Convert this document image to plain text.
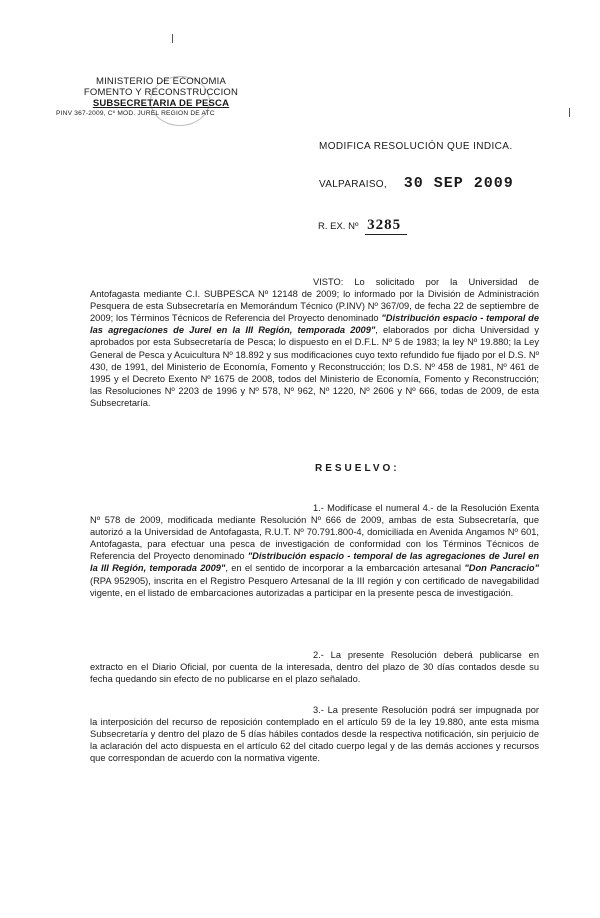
MINISTERIO DE ECONOMIA
FOMENTO Y RECONSTRUCCION
SUBSECRETARIA DE PESCA
PINV 367-2009, Cº MOD. JUREL REGION DE ATC
MODIFICA RESOLUCIÓN QUE INDICA.
VALPARAISO, 30 SEP 2009
R. EX. Nº 3285
VISTO: Lo solicitado por la Universidad de Antofagasta mediante C.I. SUBPESCA Nº 12148 de 2009; lo informado por la División de Administración Pesquera de esta Subsecretaría en Memorándum Técnico (P.INV) Nº 367/09, de fecha 22 de septiembre de 2009; los Términos Técnicos de Referencia del Proyecto denominado "Distribución espacio - temporal de las agregaciones de Jurel en la III Región, temporada 2009", elaborados por dicha Universidad y aprobados por esta Subsecretaría de Pesca; lo dispuesto en el D.F.L. Nº 5 de 1983; la ley Nº 19.880; la Ley General de Pesca y Acuicultura Nº 18.892 y sus modificaciones cuyo texto refundido fue fijado por el D.S. Nº 430, de 1991, del Ministerio de Economía, Fomento y Reconstrucción; los D.S. Nº 458 de 1981, Nº 461 de 1995 y el Decreto Exento Nº 1675 de 2008, todos del Ministerio de Economía, Fomento y Reconstrucción; las Resoluciones Nº 2203 de 1996 y Nº 578, Nº 962, Nº 1220, Nº 2606 y Nº 666, todas de 2009, de esta Subsecretaría.
RESUELVO:
1.- Modifícase el numeral 4.- de la Resolución Exenta Nº 578 de 2009, modificada mediante Resolución Nº 666 de 2009, ambas de esta Subsecretaría, que autorizó a la Universidad de Antofagasta, R.U.T. Nº 70.791.800-4, domiciliada en Avenida Angamos Nº 601, Antofagasta, para efectuar una pesca de investigación de conformidad con los Términos Técnicos de Referencia del Proyecto denominado "Distribución espacio - temporal de las agregaciones de Jurel en la III Región, temporada 2009", en el sentido de incorporar a la embarcación artesanal "Don Pancracio" (RPA 952905), inscrita en el Registro Pesquero Artesanal de la III región y con certificado de navegabilidad vigente, en el listado de embarcaciones autorizadas a participar en la presente pesca de investigación.
2.- La presente Resolución deberá publicarse en extracto en el Diario Oficial, por cuenta de la interesada, dentro del plazo de 30 días contados desde su fecha quedando sin efecto de no publicarse en el plazo señalado.
3.- La presente Resolución podrá ser impugnada por la interposición del recurso de reposición contemplado en el artículo 59 de la ley 19.880, ante esta misma Subsecretaría y dentro del plazo de 5 días hábiles contados desde la respectiva notificación, sin perjuicio de la aclaración del acto dispuesta en el artículo 62 del citado cuerpo legal y de las demás acciones y recursos que correspondan de acuerdo con la normativa vigente.
